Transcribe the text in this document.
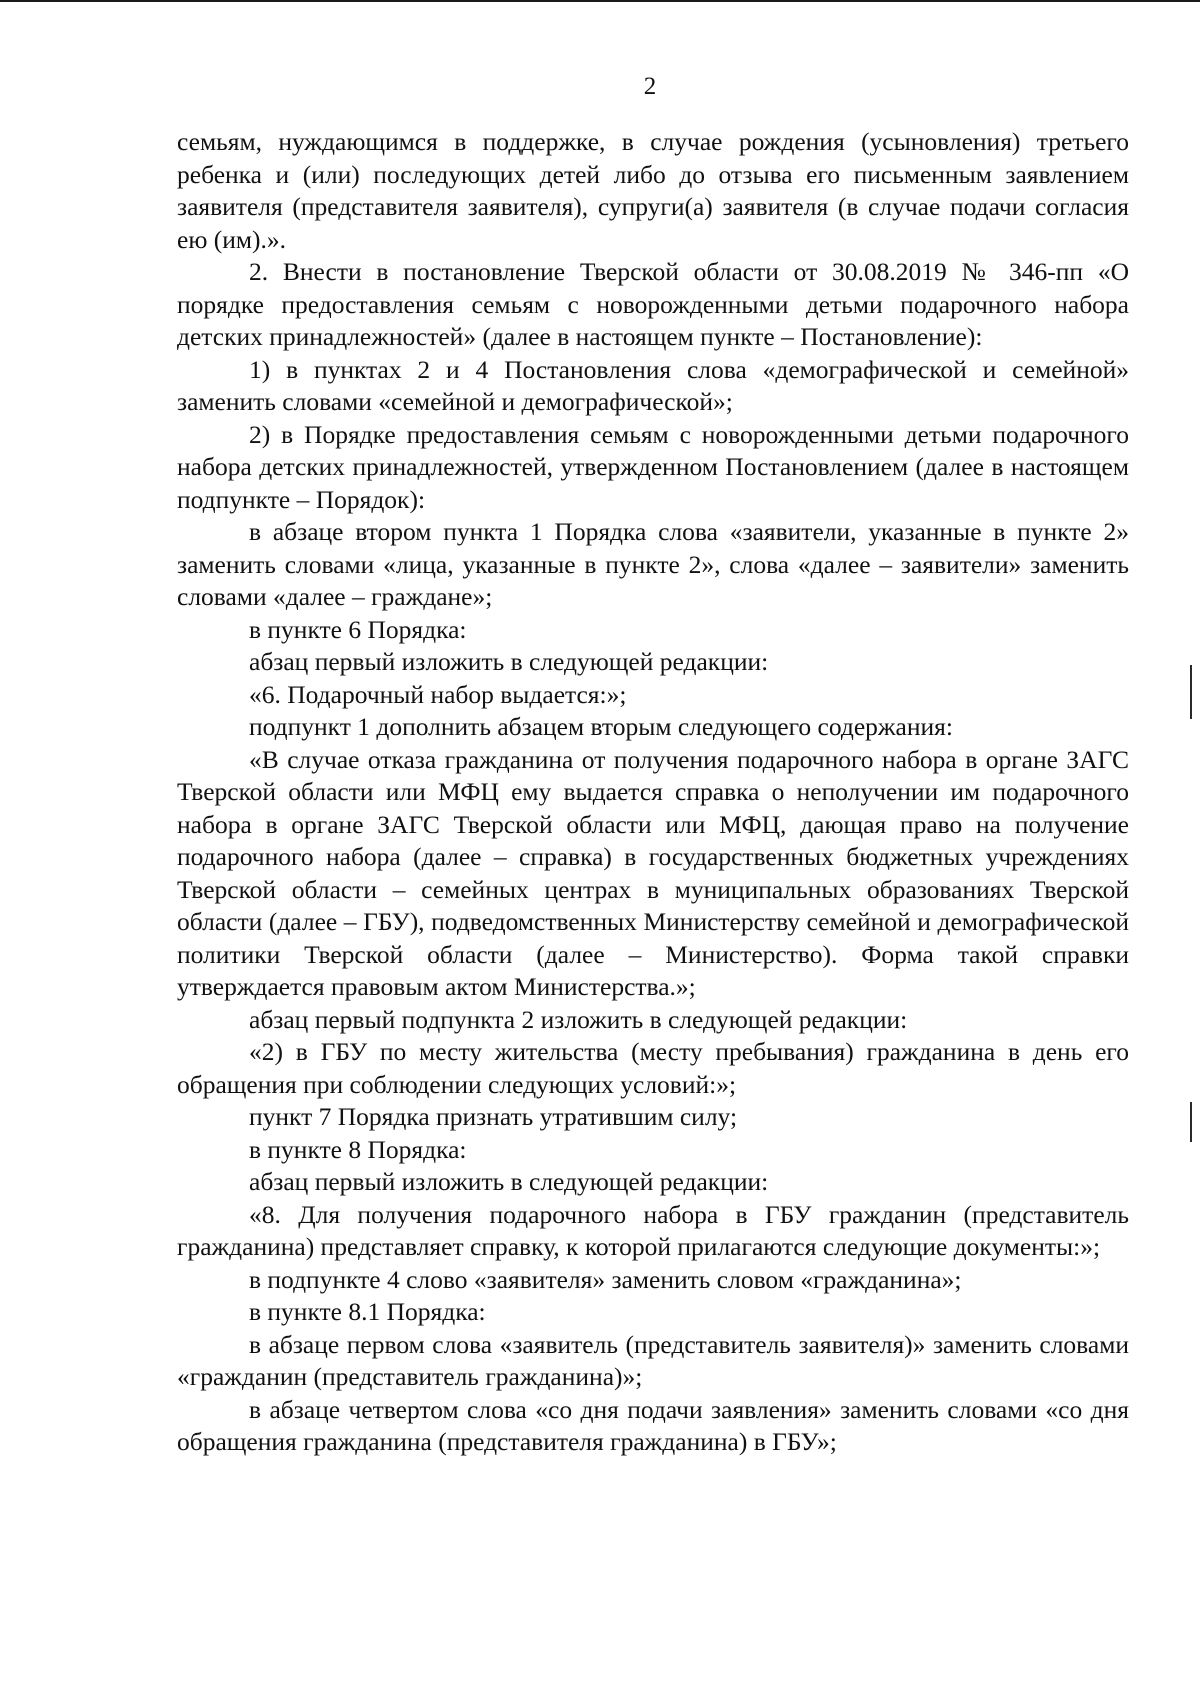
2

семьям, нуждающимся в поддержке, в случае рождения (усыновления) третьего ребенка и (или) последующих детей либо до отзыва его письменным заявлением заявителя (представителя заявителя), супруги(а) заявителя (в случае подачи согласия ею (им).».

2. Внести в постановление Тверской области от 30.08.2019 № 346-пп «О порядке предоставления семьям с новорожденными детьми подарочного набора детских принадлежностей» (далее в настоящем пункте – Постановление):

1) в пунктах 2 и 4 Постановления слова «демографической и семейной» заменить словами «семейной и демографической»;

2) в Порядке предоставления семьям с новорожденными детьми подарочного набора детских принадлежностей, утвержденном Постановлением (далее в настоящем подпункте – Порядок):

в абзаце втором пункта 1 Порядка слова «заявители, указанные в пункте 2» заменить словами «лица, указанные в пункте 2», слова «далее – заявители» заменить словами «далее – граждане»;

в пункте 6 Порядка:

абзац первый изложить в следующей редакции:

«6. Подарочный набор выдается:»;

подпункт 1 дополнить абзацем вторым следующего содержания:

«В случае отказа гражданина от получения подарочного набора в органе ЗАГС Тверской области или МФЦ ему выдается справка о неполучении им подарочного набора в органе ЗАГС Тверской области или МФЦ, дающая право на получение подарочного набора (далее – справка) в государственных бюджетных учреждениях Тверской области – семейных центрах в муниципальных образованиях Тверской области (далее – ГБУ), подведомственных Министерству семейной и демографической политики Тверской области (далее – Министерство). Форма такой справки утверждается правовым актом Министерства.»;

абзац первый подпункта 2 изложить в следующей редакции:

«2) в ГБУ по месту жительства (месту пребывания) гражданина в день его обращения при соблюдении следующих условий:»;

пункт 7 Порядка признать утратившим силу;

в пункте 8 Порядка:

абзац первый изложить в следующей редакции:

«8. Для получения подарочного набора в ГБУ гражданин (представитель гражданина) представляет справку, к которой прилагаются следующие документы:»;

в подпункте 4 слово «заявителя» заменить словом «гражданина»;

в пункте 8.1 Порядка:

в абзаце первом слова «заявитель (представитель заявителя)» заменить словами «гражданин (представитель гражданина)»;

в абзаце четвертом слова «со дня подачи заявления» заменить словами «со дня обращения гражданина (представителя гражданина) в ГБУ»;
